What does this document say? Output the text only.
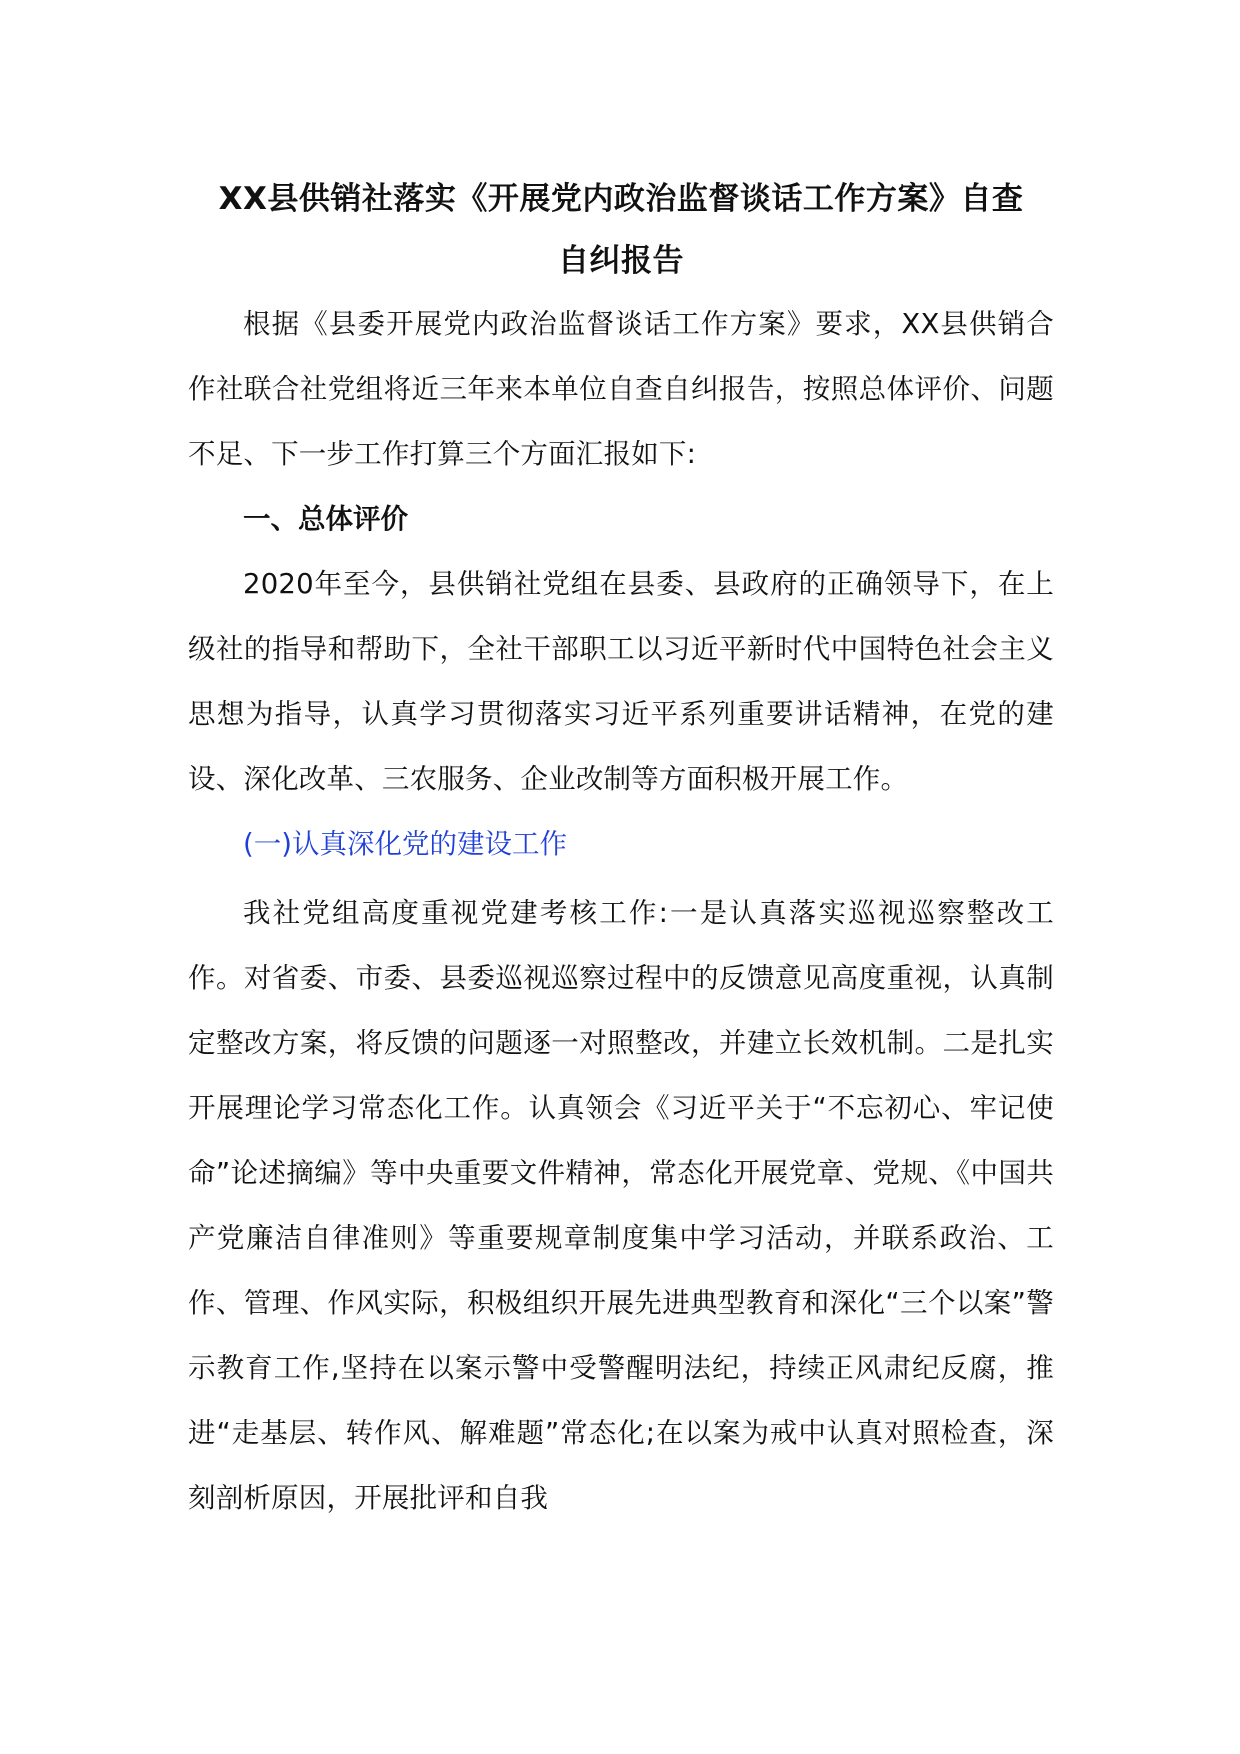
XX县供销社落实《开展党内政治监督谈话工作方案》自查
自纠报告

根据《县委开展党内政治监督谈话工作方案》要求，XX县供销合作社联合社党组将近三年来本单位自查自纠报告，按照总体评价、问题不足、下一步工作打算三个方面汇报如下:

一、总体评价

2020年至今，县供销社党组在县委、县政府的正确领导下，在上级社的指导和帮助下，全社干部职工以习近平新时代中国特色社会主义思想为指导，认真学习贯彻落实习近平系列重要讲话精神，在党的建设、深化改革、三农服务、企业改制等方面积极开展工作。

(一)认真深化党的建设工作

我社党组高度重视党建考核工作:一是认真落实巡视巡察整改工作。对省委、市委、县委巡视巡察过程中的反馈意见高度重视，认真制定整改方案，将反馈的问题逐一对照整改，并建立长效机制。二是扎实开展理论学习常态化工作。认真领会《习近平关于“不忘初心、牢记使命”论述摘编》等中央重要文件精神，常态化开展党章、党规、《中国共产党廉洁自律准则》等重要规章制度集中学习活动，并联系政治、工作、管理、作风实际，积极组织开展先进典型教育和深化“三个以案”警示教育工作,坚持在以案示警中受警醒明法纪，持续正风肃纪反腐，推进“走基层、转作风、解难题”常态化;在以案为戒中认真对照检查，深刻剖析原因，开展批评和自我
